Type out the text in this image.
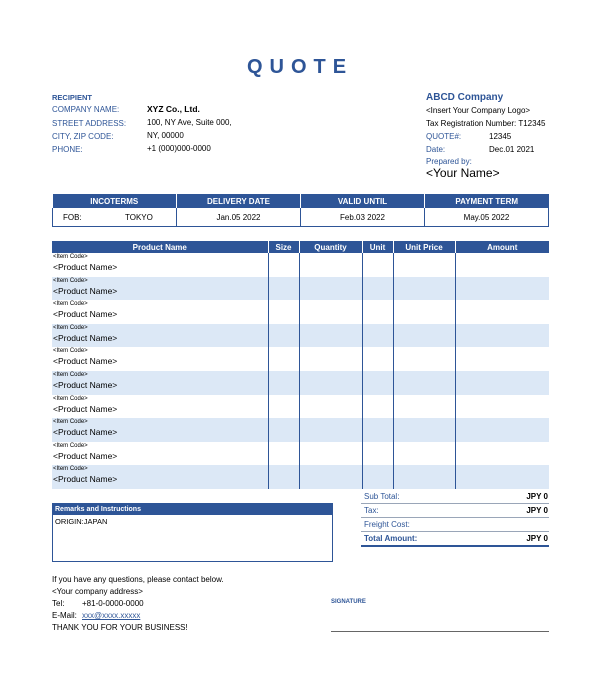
QUOTE
RECIPIENT
COMPANY NAME:	XYZ Co., Ltd.
STREET ADDRESS:	100, NY Ave, Suite 000,
CITY, ZIP CODE:	NY, 00000
PHONE:	+1 (000)000-0000
ABCD Company
<Insert Your Company Logo>
Tax Registration Number: T12345
QUOTE#:	12345
Date:	Dec.01 2021
Prepared by:
<Your Name>
INCOTERMS	DELIVERY DATE	VALID UNTIL	PAYMENT TERM
FOB: TOKYO	Jan.05 2022	Feb.03 2022	May.05 2022
Product Name	Size	Quantity	Unit	Unit Price	Amount

<Item Code>
<Product Name>					

<Item Code>
<Product Name>					

<Item Code>
<Product Name>					

<Item Code>
<Product Name>					

<Item Code>
<Product Name>					

<Item Code>
<Product Name>					

<Item Code>
<Product Name>					

<Item Code>
<Product Name>					

<Item Code>
<Product Name>					

<Item Code>
<Product Name>					

Remarks and Instructions
ORIGIN:JAPAN
Sub Total:	JPY 0
Tax:	JPY 0
Freight Cost:
Total Amount:	JPY 0
If you have any questions, please contact below.
<Your company address>
Tel: +81-0-0000-0000
E-Mail: xxx@xxxx.xxxxx
THANK YOU FOR YOUR BUSINESS!
SIGNATURE
